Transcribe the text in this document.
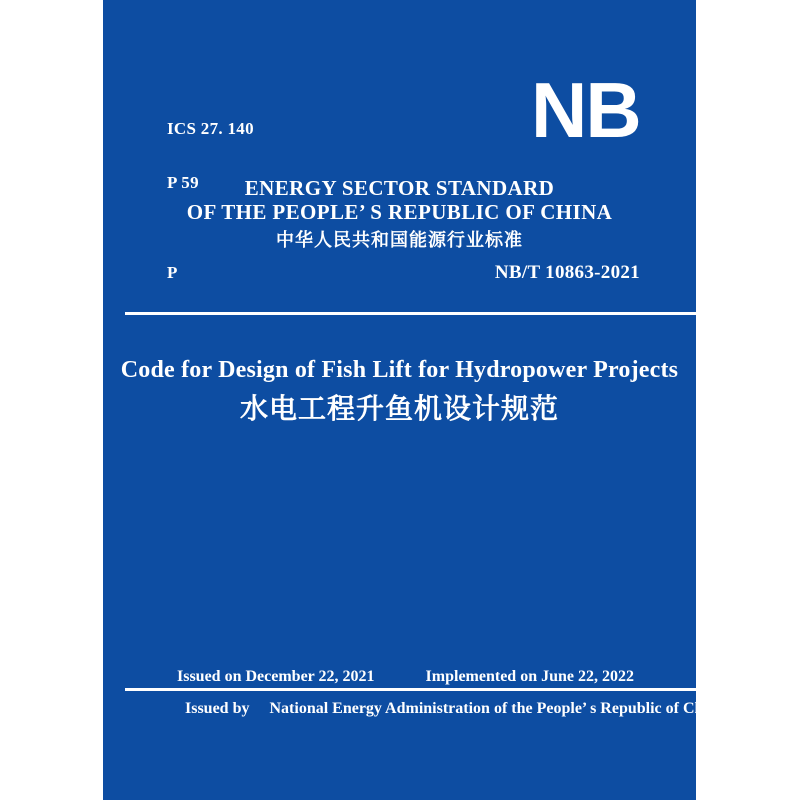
ICS 27. 140

P 59

NB
ENERGY SECTOR STANDARD
OF THE PEOPLE’ S REPUBLIC OF CHINA
中华人民共和国能源行业标准
P	NB/T 10863-2021
Code for Design of Fish Lift for Hydropower Projects
水电工程升鱼机设计规范
Issued on December 22, 2021	Implemented on June 22, 2022
Issued by National Energy Administration of the People’ s Republic of China
